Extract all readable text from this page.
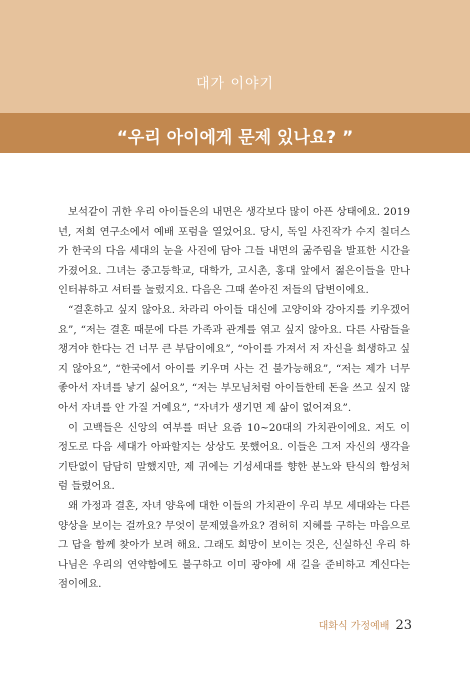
대가 이야기
“우리 아이에게 문제 있나요? ”

보석같이 귀한 우리 아이들은의 내면은 생각보다 많이 아픈 상태에요. 2019년, 저희 연구소에서 예배 포럼을 열었어요. 당시, 독일 사진작가 수지 칠더스가 한국의 다음 세대의 눈을 사진에 담아 그들 내면의 굶주림을 발표한 시간을 가졌어요. 그녀는 중고등학교, 대학가, 고시촌, 홍대 앞에서 젊은이들을 만나 인터뷰하고 셔터를 눌렀지요. 다음은 그때 쏟아진 저들의 답변이에요.

“결혼하고 싶지 않아요. 차라리 아이들 대신에 고양이와 강아지를 키우겠어요”, “저는 결혼 때문에 다른 가족과 관계를 엮고 싶지 않아요. 다른 사람들을 챙겨야 한다는 건 너무 큰 부담이에요”, “아이를 가져서 저 자신을 희생하고 싶지 않아요”, “한국에서 아이를 키우며 사는 건 불가능해요”, “저는 제가 너무 좋아서 자녀를 낳기 싫어요”, “저는 부모님처럼 아이들한테 돈을 쓰고 싶지 않아서 자녀를 안 가질 거예요”, “자녀가 생기면 제 삶이 없어져요”.

이 고백들은 신앙의 여부를 떠난 요즘 10~20대의 가치관이에요. 저도 이 정도로 다음 세대가 아파할지는 상상도 못했어요. 이들은 그저 자신의 생각을 기탄없이 담담히 말했지만, 제 귀에는 기성세대를 향한 분노와 탄식의 함성처럼 들렸어요.

왜 가정과 결혼, 자녀 양육에 대한 이들의 가치관이 우리 부모 세대와는 다른 양상을 보이는 걸까요? 무엇이 문제였을까요? 겸허히 지혜를 구하는 마음으로 그 답을 함께 찾아가 보려 해요. 그래도 희망이 보이는 것은, 신실하신 우리 하나님은 우리의 연약함에도 불구하고 이미 광야에 새 길을 준비하고 계신다는 점이에요.

대화식 가정예배 23
